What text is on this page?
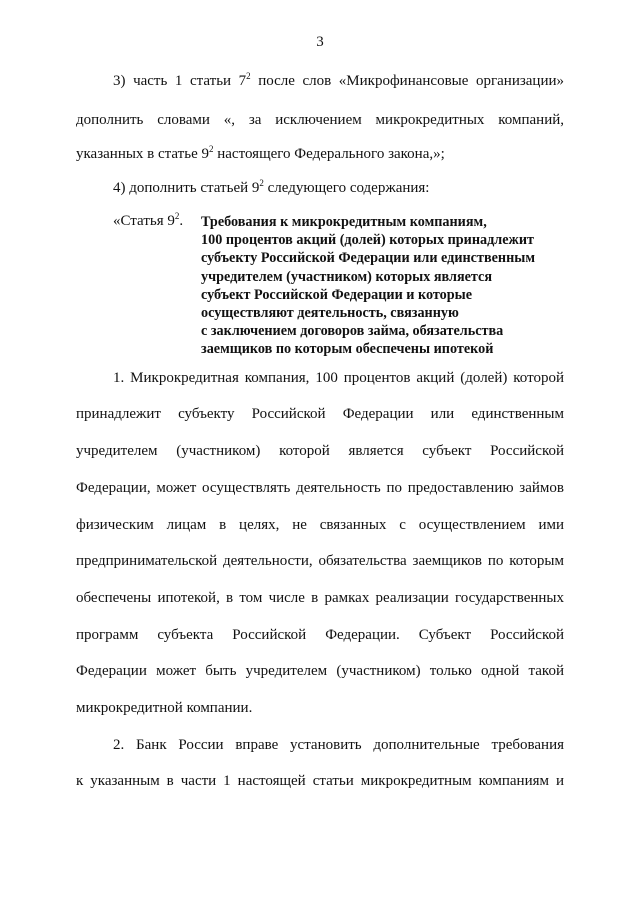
3
3) часть 1 статьи $7^2$ после слов «Микрофинансовые организации»
дополнить словами «, за исключением микрокредитных компаний,
указанных в статье $9^2$ настоящего Федерального закона,»;
4) дополнить статьей $9^2$ следующего содержания:
«Статья $9^2$. Требования к микрокредитным компаниям,
100 процентов акций (долей) которых принадлежит
субъекту Российской Федерации или единственным
учредителем (участником) которых является
субъект Российской Федерации и которые
осуществляют деятельность, связанную
с заключением договоров займа, обязательства
заемщиков по которым обеспечены ипотекой
1. Микрокредитная компания, 100 процентов акций (долей) которой
принадлежит субъекту Российской Федерации или единственным
учредителем (участником) которой является субъект Российской
Федерации, может осуществлять деятельность по предоставлению займов
физическим лицам в целях, не связанных с осуществлением ими
предпринимательской деятельности, обязательства заемщиков по которым
обеспечены ипотекой, в том числе в рамках реализации государственных
программ субъекта Российской Федерации. Субъект Российской
Федерации может быть учредителем (участником) только одной такой
микрокредитной компании.
2. Банк России вправе установить дополнительные требования
к указанным в части 1 настоящей статьи микрокредитным компаниям и
